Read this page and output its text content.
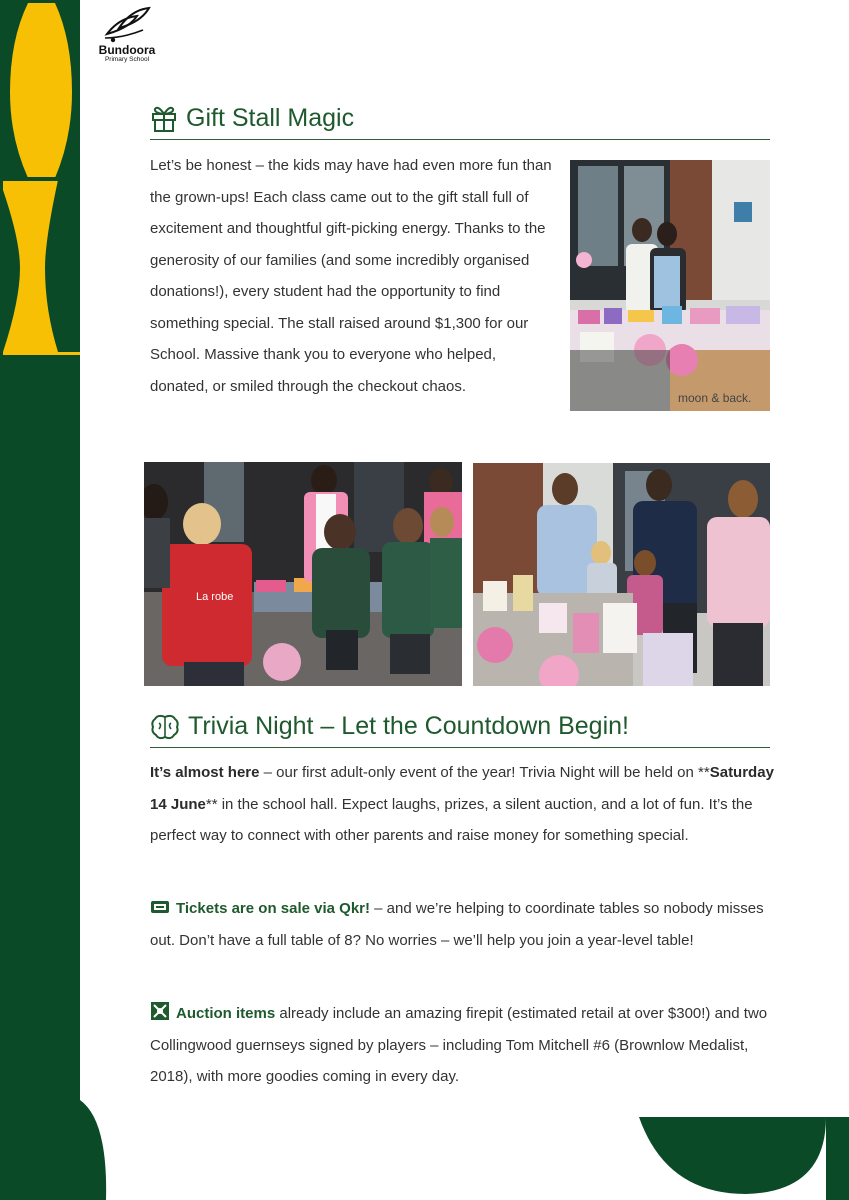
Bundoora
Primary School
Gift Stall Magic

Let’s be honest – the kids may have had even more fun than the grown-ups! Each class came out to the gift stall full of excitement and thoughtful gift-picking energy. Thanks to the generosity of our families (and some incredibly organised donations!), every student had the opportunity to find something special. The stall raised around $1,300 for our School. Massive thank you to everyone who helped, donated, or smiled through the checkout chaos.

moon & back.
La robe
Trivia Night – Let the Countdown Begin!

It’s almost here – our first adult-only event of the year! Trivia Night will be held on **Saturday 14 June** in the school hall. Expect laughs, prizes, a silent auction, and a lot of fun. It’s the perfect way to connect with other parents and raise money for something special.

Tickets are on sale via Qkr! – and we’re helping to coordinate tables so nobody misses out. Don’t have a full table of 8? No worries – we’ll help you join a year-level table!

Auction items already include an amazing firepit (estimated retail at over $300!) and two Collingwood guernseys signed by players – including Tom Mitchell #6 (Brownlow Medalist, 2018), with more goodies coming in every day.
